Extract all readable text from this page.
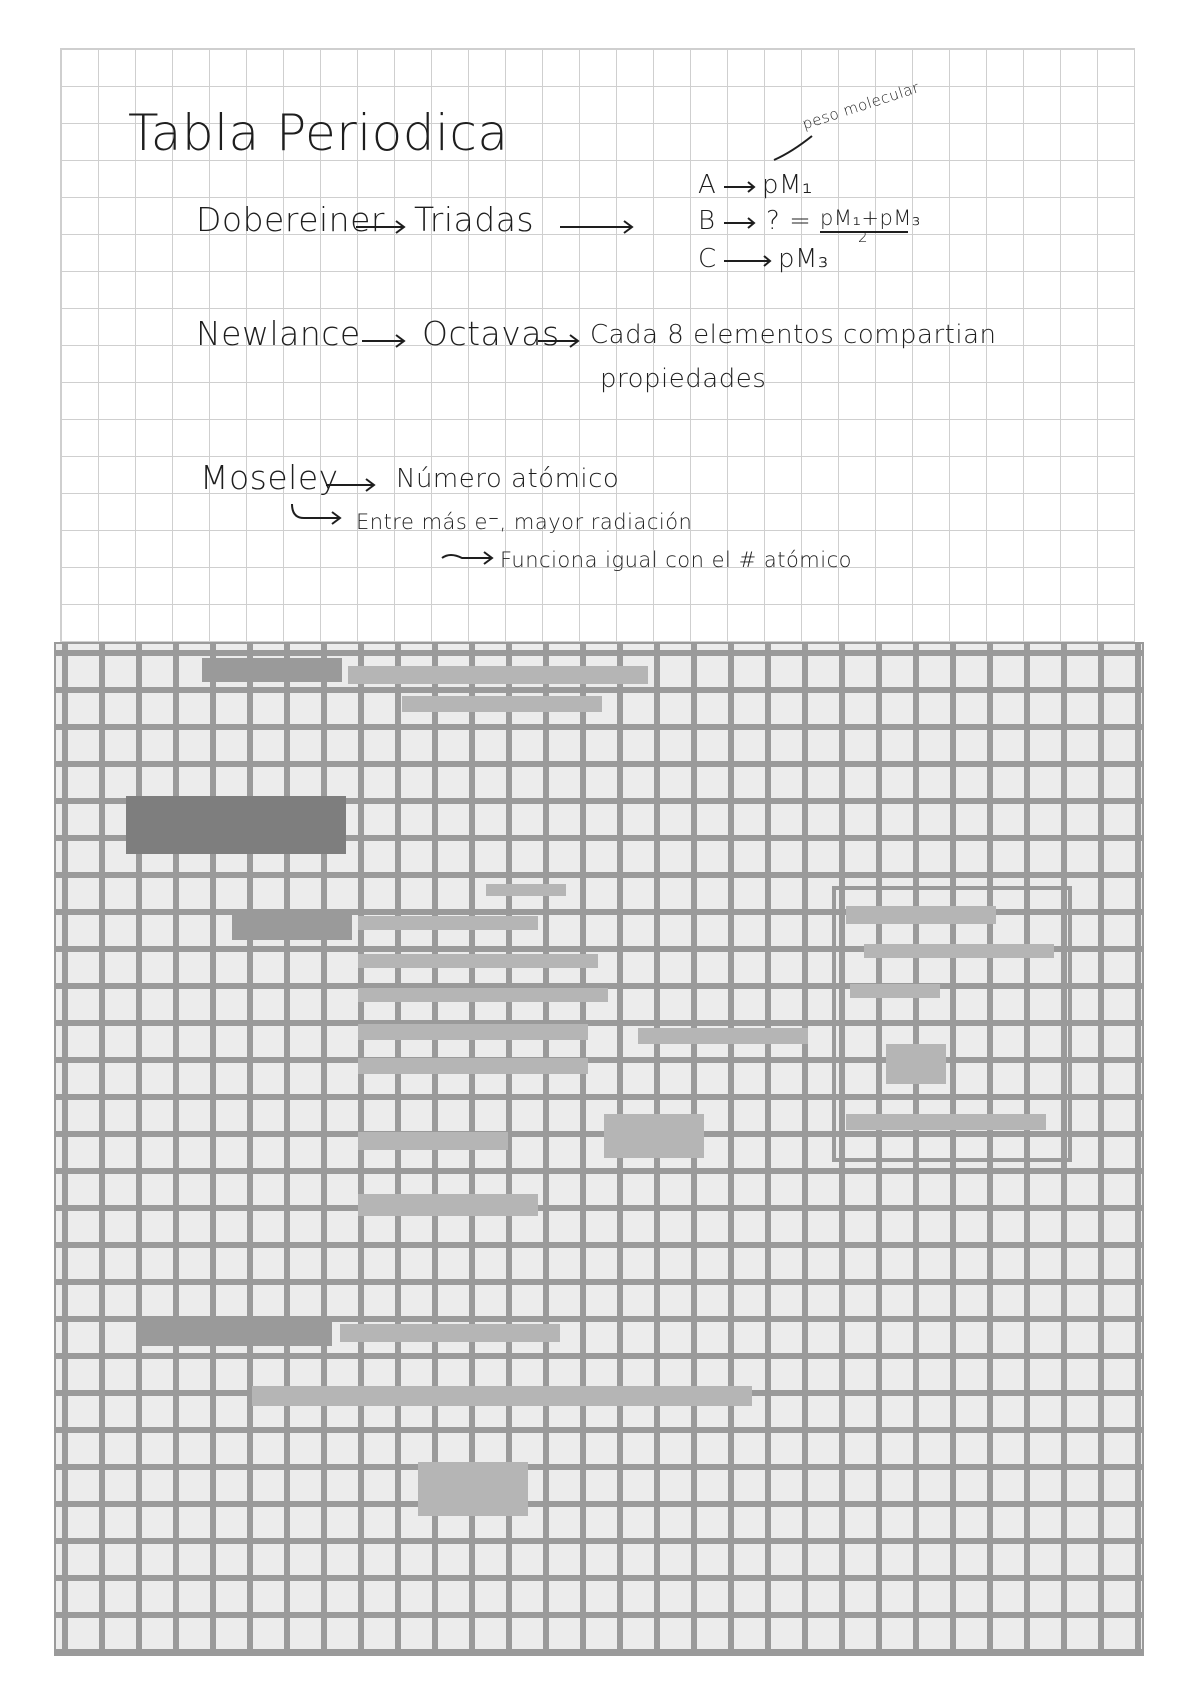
Tabla Periodica
Dobereiner Triadas
A pM₁
peso molecular
B ? = pM₁+pM₃
2
C pM₃
Newlance Octavas Cada 8 elementos compartian
propiedades
Moseley Número atómico
Entre más e⁻, mayor radiación
Funciona igual con el # atómico
